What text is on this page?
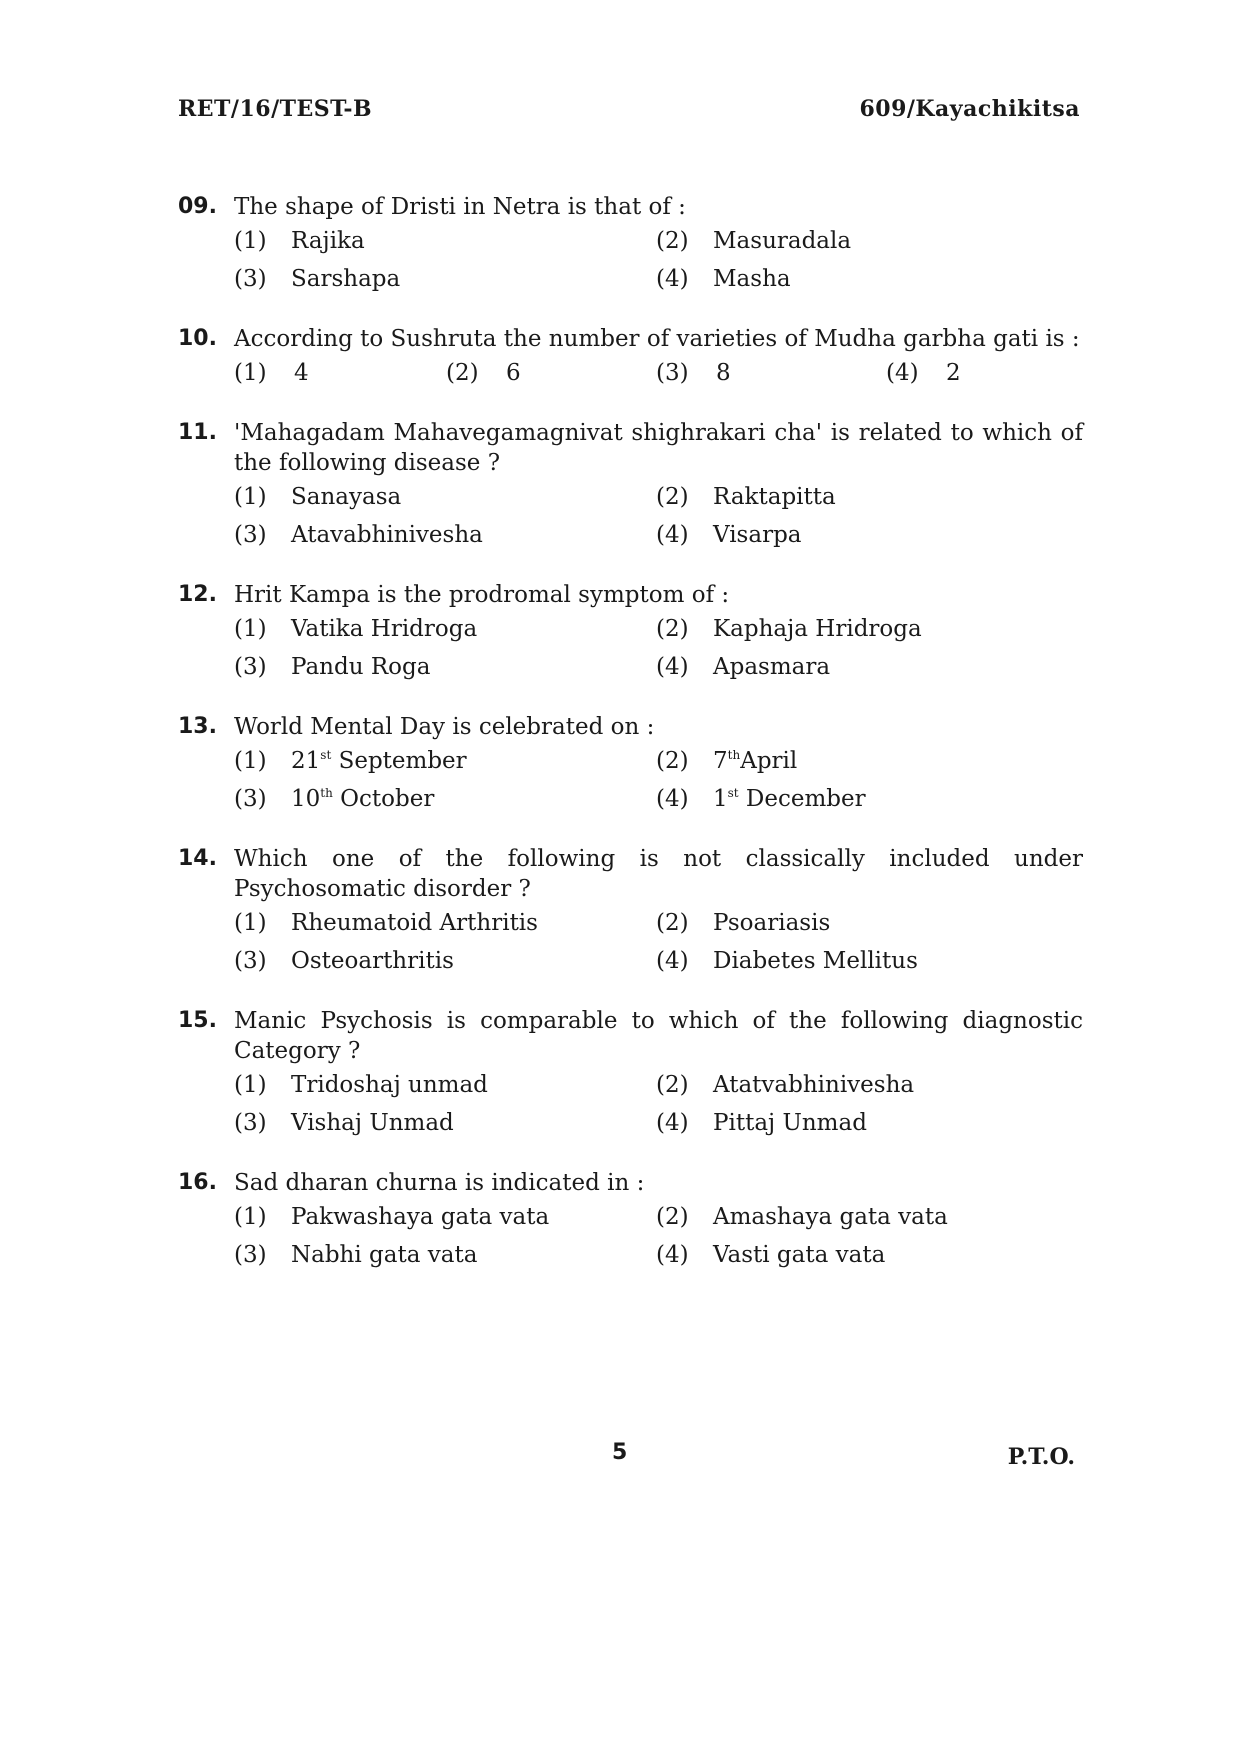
RET/16/TEST-B	609/Kayachikitsa
09. The shape of Dristi in Netra is that of :
(1)	Rajika	(2)	Masuradala
(3)	Sarshapa	(4)	Masha
10. According to Sushruta the number of varieties of Mudha garbha gati is :
(1)	4	(2)	6	(3)	8	(4)	2
11. 'Mahagadam Mahavegamagnivat shighrakari cha' is related to which of the following disease ?
(1)	Sanayasa	(2)	Raktapitta
(3)	Atavabhinivesha	(4)	Visarpa
12. Hrit Kampa is the prodromal symptom of :
(1)	Vatika Hridroga	(2)	Kaphaja Hridroga
(3)	Pandu Roga	(4)	Apasmara
13. World Mental Day is celebrated on :
(1)	21st September	(2)	7thApril
(3)	10th October	(4)	1st December
14. Which one of the following is not classically included under Psychosomatic disorder ?
(1)	Rheumatoid Arthritis	(2)	Psoariasis
(3)	Osteoarthritis	(4)	Diabetes Mellitus
15. Manic Psychosis is comparable to which of the following diagnostic Category ?
(1)	Tridoshaj unmad	(2)	Atatvabhinivesha
(3)	Vishaj Unmad	(4)	Pittaj Unmad
16. Sad dharan churna is indicated in :
(1)	Pakwashaya gata vata	(2)	Amashaya gata vata
(3)	Nabhi gata vata	(4)	Vasti gata vata
5	P.T.O.
